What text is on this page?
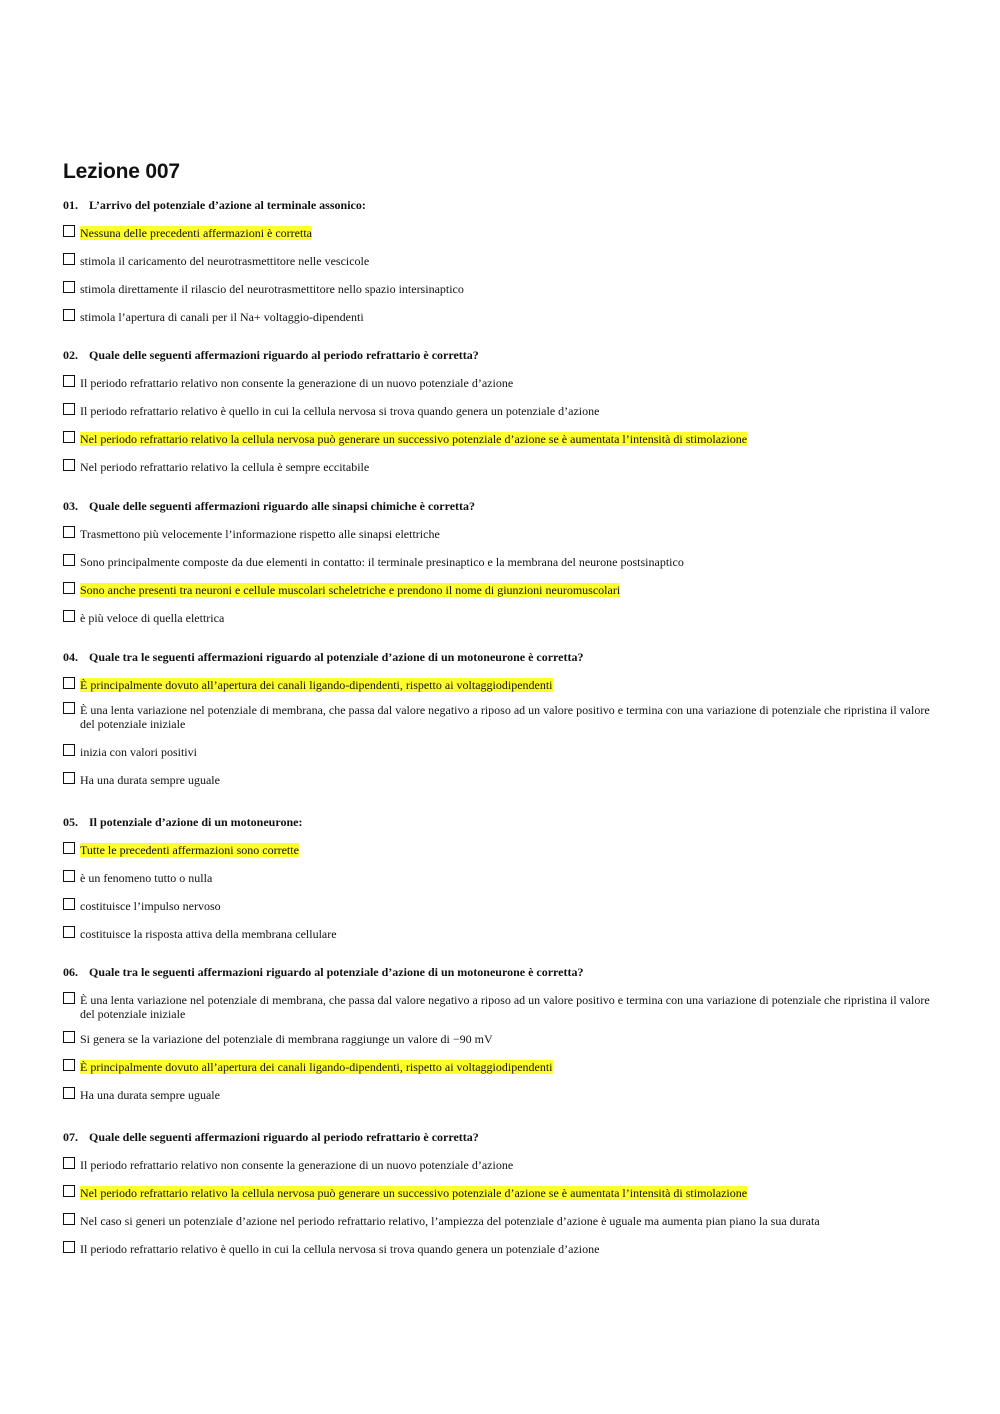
Lezione 007
01. L’arrivo del potenziale d’azione al terminale assonico:
Nessuna delle precedenti affermazioni è corretta
stimola il caricamento del neurotrasmettitore nelle vescicole
stimola direttamente il rilascio del neurotrasmettitore nello spazio intersinaptico
stimola l’apertura di canali per il Na+ voltaggio-dipendenti
02. Quale delle seguenti affermazioni riguardo al periodo refrattario è corretta?
Il periodo refrattario relativo non consente la generazione di un nuovo potenziale d’azione
Il periodo refrattario relativo è quello in cui la cellula nervosa si trova quando genera un potenziale d’azione
Nel periodo refrattario relativo la cellula nervosa può generare un successivo potenziale d’azione se è aumentata l’intensità di stimolazione
Nel periodo refrattario relativo la cellula è sempre eccitabile
03. Quale delle seguenti affermazioni riguardo alle sinapsi chimiche è corretta?
Trasmettono più velocemente l’informazione rispetto alle sinapsi elettriche
Sono principalmente composte da due elementi in contatto: il terminale presinaptico e la membrana del neurone postsinaptico
Sono anche presenti tra neuroni e cellule muscolari scheletriche e prendono il nome di giunzioni neuromuscolari
è più veloce di quella elettrica
04. Quale tra le seguenti affermazioni riguardo al potenziale d’azione di un motoneurone è corretta?
È principalmente dovuto all’apertura dei canali ligando-dipendenti, rispetto ai voltaggiodipendenti
È una lenta variazione nel potenziale di membrana, che passa dal valore negativo a riposo ad un valore positivo e termina con una variazione di potenziale che ripristina il valore del potenziale iniziale
inizia con valori positivi
Ha una durata sempre uguale
05. Il potenziale d’azione di un motoneurone:
Tutte le precedenti affermazioni sono corrette
è un fenomeno tutto o nulla
costituisce l’impulso nervoso
costituisce la risposta attiva della membrana cellulare
06. Quale tra le seguenti affermazioni riguardo al potenziale d’azione di un motoneurone è corretta?
È una lenta variazione nel potenziale di membrana, che passa dal valore negativo a riposo ad un valore positivo e termina con una variazione di potenziale che ripristina il valore del potenziale iniziale
Si genera se la variazione del potenziale di membrana raggiunge un valore di −90 mV
È principalmente dovuto all’apertura dei canali ligando-dipendenti, rispetto ai voltaggiodipendenti
Ha una durata sempre uguale
07. Quale delle seguenti affermazioni riguardo al periodo refrattario è corretta?
Il periodo refrattario relativo non consente la generazione di un nuovo potenziale d’azione
Nel periodo refrattario relativo la cellula nervosa può generare un successivo potenziale d’azione se è aumentata l’intensità di stimolazione
Nel caso si generi un potenziale d’azione nel periodo refrattario relativo, l’ampiezza del potenziale d’azione è uguale ma aumenta pian piano la sua durata
Il periodo refrattario relativo è quello in cui la cellula nervosa si trova quando genera un potenziale d’azione
